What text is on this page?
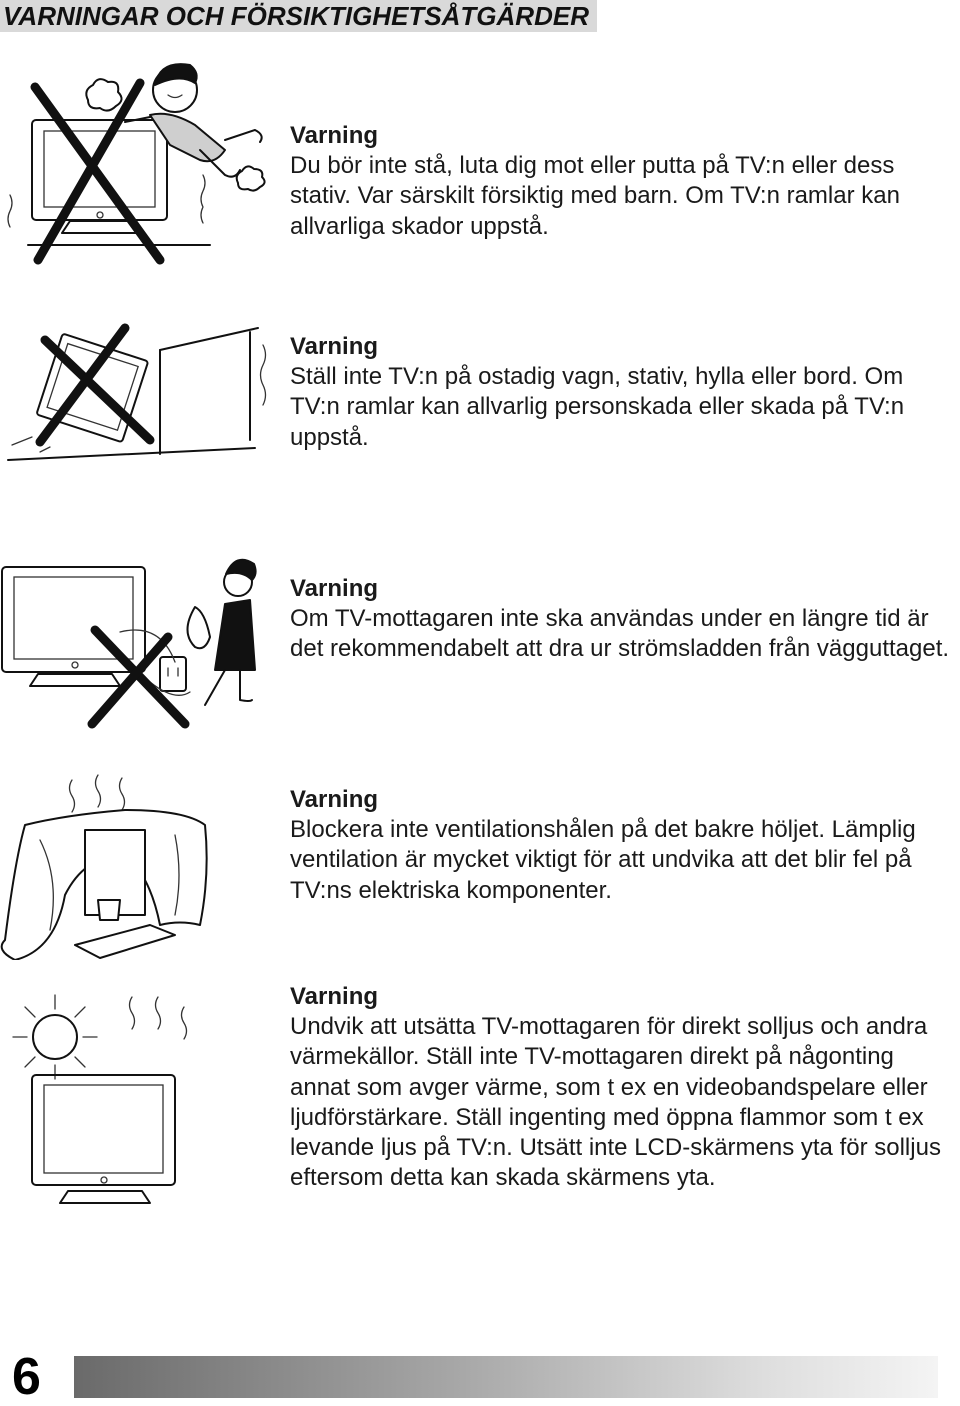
VARNINGAR OCH FÖRSIKTIGHETSÅTGÄRDER
Varning
Du bör inte stå, luta dig mot eller putta på TV:n eller dess stativ. Var särskilt försiktig med barn. Om TV:n ramlar kan allvarliga skador uppstå.
Varning
Ställ inte TV:n på ostadig vagn, stativ, hylla eller bord. Om TV:n ramlar kan allvarlig personskada eller skada på TV:n uppstå.
Varning
Om TV-mottagaren inte ska användas under en längre tid är det rekommendabelt att dra ur strömsladden från vägguttaget.
Varning
Blockera inte ventilationshålen på det bakre höljet. Lämplig ventilation är mycket viktigt för att undvika att det blir fel på TV:ns elektriska komponenter.
Varning
Undvik att utsätta TV-mottagaren för direkt solljus och andra värmekällor. Ställ inte TV-mottagaren direkt på någonting annat som avger värme, som t ex en videobandspelare eller ljudförstärkare. Ställ ingenting med öppna flammor som t ex levande ljus på TV:n. Utsätt inte LCD-skärmens yta för solljus eftersom detta kan skada skärmens yta.
6
